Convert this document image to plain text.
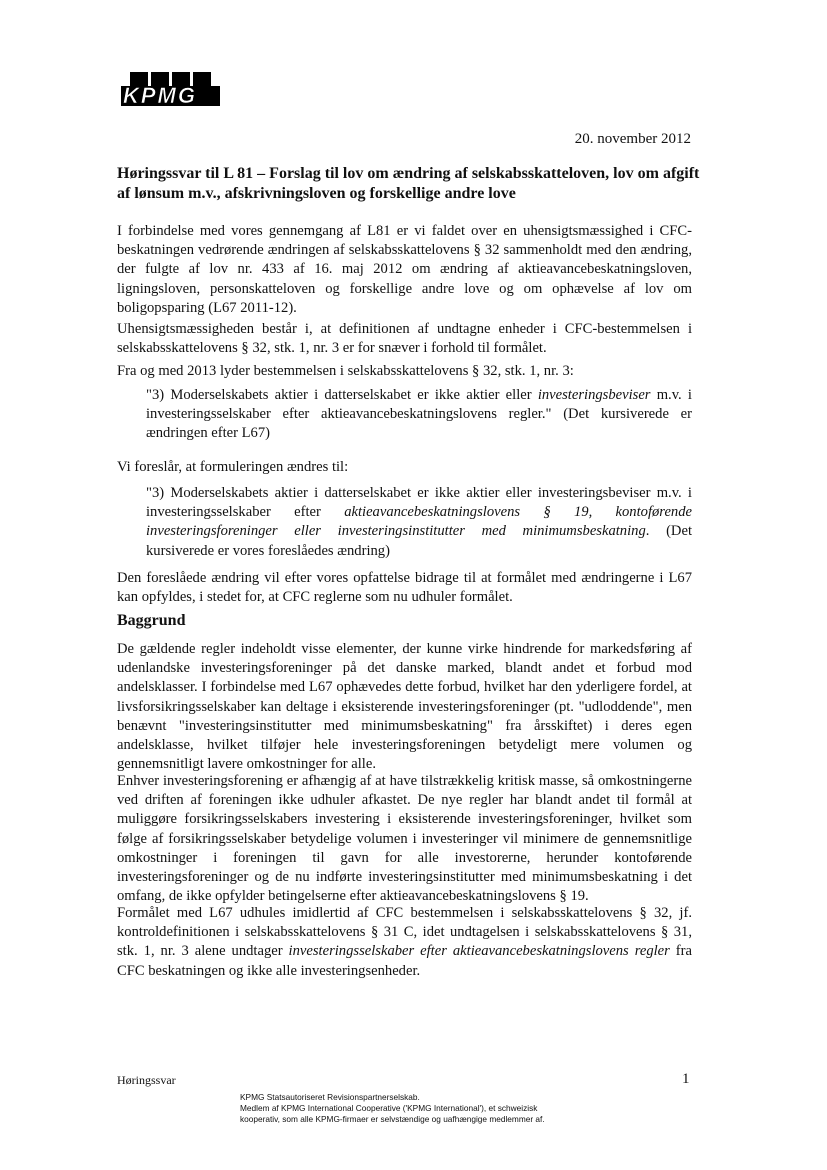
KPMG
20. november 2012
Høringssvar til L 81 – Forslag til lov om ændring af selskabsskatteloven, lov om afgift af lønsum m.v., afskrivningsloven og forskellige andre love

I forbindelse med vores gennemgang af L81 er vi faldet over en uhensigtsmæssighed i CFC-beskatningen vedrørende ændringen af selskabsskattelovens § 32 sammenholdt med den ændring, der fulgte af lov nr. 433 af 16. maj 2012 om ændring af aktieavancebeskatningsloven, ligningsloven, personskatteloven og forskellige andre love og om ophævelse af lov om boligopsparing (L67 2011-12).

Uhensigtsmæssigheden består i, at definitionen af undtagne enheder i CFC-bestemmelsen i selskabsskattelovens § 32, stk. 1, nr. 3 er for snæver i forhold til formålet.

Fra og med 2013 lyder bestemmelsen i selskabsskattelovens § 32, stk. 1, nr. 3:

"3) Moderselskabets aktier i datterselskabet er ikke aktier eller investeringsbeviser m.v. i investeringsselskaber efter aktieavancebeskatningslovens regler." (Det kursiverede er ændringen efter L67)

Vi foreslår, at formuleringen ændres til:

"3) Moderselskabets aktier i datterselskabet er ikke aktier eller investeringsbeviser m.v. i investeringsselskaber efter aktieavancebeskatningslovens § 19, kontoførende investeringsforeninger eller investeringsinstitutter med minimumsbeskatning. (Det kursiverede er vores foreslåedes ændring)

Den foreslåede ændring vil efter vores opfattelse bidrage til at formålet med ændringerne i L67 kan opfyldes, i stedet for, at CFC reglerne som nu udhuler formålet.

Baggrund

De gældende regler indeholdt visse elementer, der kunne virke hindrende for markedsføring af udenlandske investeringsforeninger på det danske marked, blandt andet et forbud mod andelsklasser. I forbindelse med L67 ophævedes dette forbud, hvilket har den yderligere fordel, at livsforsikringsselskaber kan deltage i eksisterende investeringsforeninger (pt. "udloddende", men benævnt "investeringsinstitutter med minimumsbeskatning" fra årsskiftet) i deres egen andelsklasse, hvilket tilføjer hele investeringsforeningen betydeligt mere volumen og gennemsnitligt lavere omkostninger for alle.

Enhver investeringsforening er afhængig af at have tilstrækkelig kritisk masse, så omkostningerne ved driften af foreningen ikke udhuler afkastet. De nye regler har blandt andet til formål at muliggøre forsikringsselskabers investering i eksisterende investeringsforeninger, hvilket som følge af forsikringsselskaber betydelige volumen i investeringer vil minimere de gennemsnitlige omkostninger i foreningen til gavn for alle investorerne, herunder kontoførende investeringsforeninger og de nu indførte investeringsinstitutter med minimumsbeskatning i det omfang, de ikke opfylder betingelserne efter aktieavancebeskatningslovens § 19.

Formålet med L67 udhules imidlertid af CFC bestemmelsen i selskabsskattelovens § 32, jf. kontroldefinitionen i selskabsskattelovens § 31 C, idet undtagelsen i selskabsskattelovens § 31, stk. 1, nr. 3 alene undtager investeringsselskaber efter aktieavancebeskatningslovens regler fra CFC beskatningen og ikke alle investeringsenheder.

Høringssvar	1
KPMG Statsautoriseret Revisionspartnerselskab.
Medlem af KPMG International Cooperative ('KPMG International'), et schweizisk
kooperativ, som alle KPMG-firmaer er selvstændige og uafhængige medlemmer af.
